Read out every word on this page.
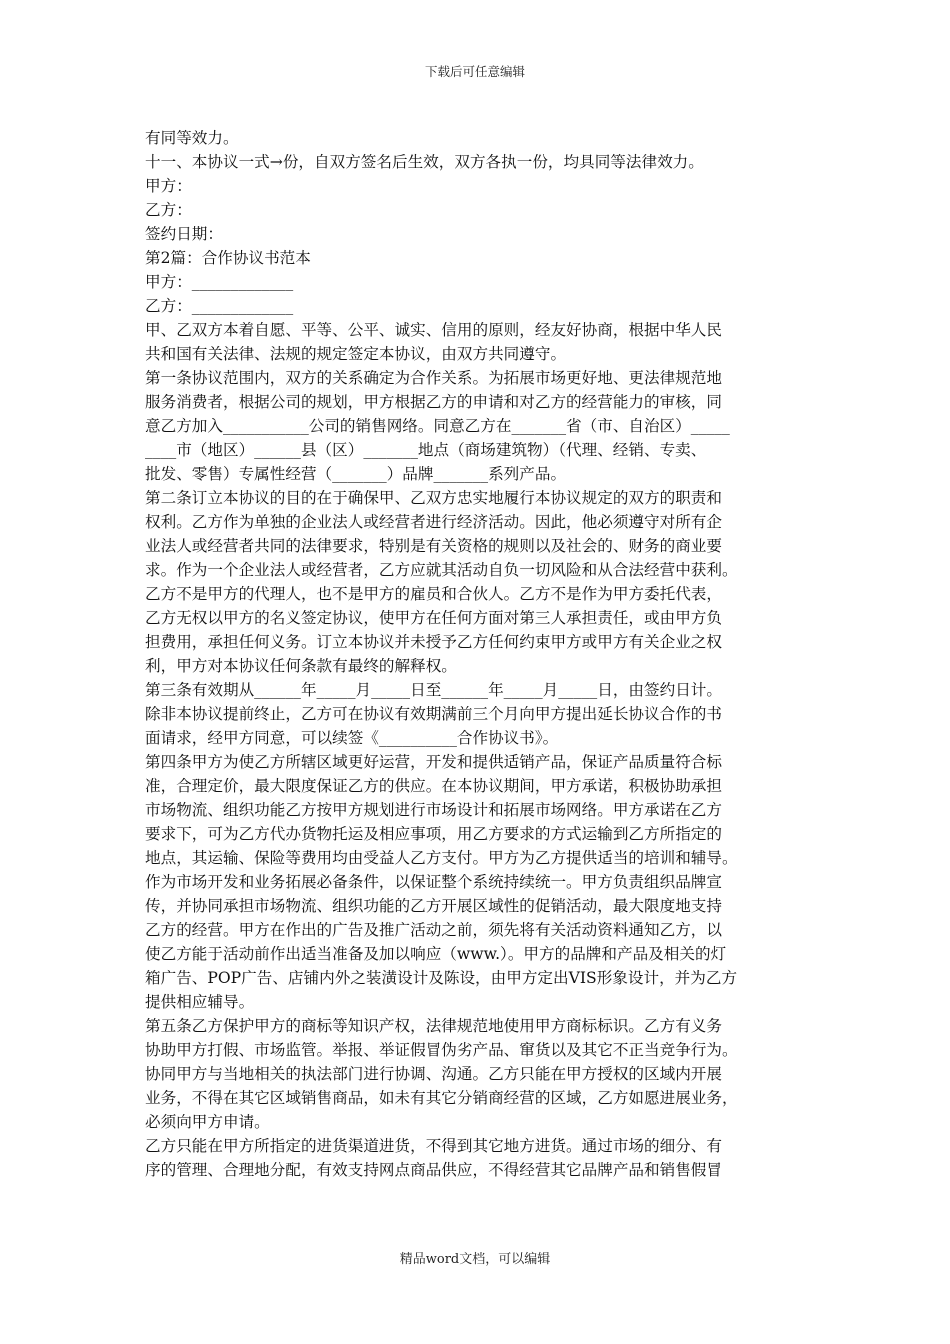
下载后可任意编辑
有同等效力。
十一、本协议一式→份，自双方签名后生效，双方各执一份，均具同等法律效力。
甲方：
乙方：
签约日期：
第2篇：合作协议书范本
甲方：_____________
乙方：_____________
甲、乙双方本着自愿、平等、公平、诚实、信用的原则，经友好协商，根据中华人民
共和国有关法律、法规的规定签定本协议，由双方共同遵守。
第一条协议范围内，双方的关系确定为合作关系。为拓展市场更好地、更法律规范地
服务消费者，根据公司的规划，甲方根据乙方的申请和对乙方的经营能力的审核，同
意乙方加入___________公司的销售网络。同意乙方在_______省（市、自治区）_____
____市（地区）______县（区）_______地点（商场建筑物）（代理、经销、专卖、
批发、零售）专属性经营（_______）品牌_______系列产品。
第二条订立本协议的目的在于确保甲、乙双方忠实地履行本协议规定的双方的职责和
权利。乙方作为单独的企业法人或经营者进行经济活动。因此，他必须遵守对所有企
业法人或经营者共同的法律要求，特别是有关资格的规则以及社会的、财务的商业要
求。作为一个企业法人或经营者，乙方应就其活动自负一切风险和从合法经营中获利。
乙方不是甲方的代理人，也不是甲方的雇员和合伙人。乙方不是作为甲方委托代表，
乙方无权以甲方的名义签定协议，使甲方在任何方面对第三人承担责任，或由甲方负
担费用，承担任何义务。订立本协议并未授予乙方任何约束甲方或甲方有关企业之权
利，甲方对本协议任何条款有最终的解释权。
第三条有效期从______年_____月_____日至______年_____月_____日，由签约日计。
除非本协议提前终止，乙方可在协议有效期满前三个月向甲方提出延长协议合作的书
面请求，经甲方同意，可以续签《__________合作协议书》。
第四条甲方为使乙方所辖区域更好运营，开发和提供适销产品，保证产品质量符合标
准，合理定价，最大限度保证乙方的供应。在本协议期间，甲方承诺，积极协助承担
市场物流、组织功能乙方按甲方规划进行市场设计和拓展市场网络。甲方承诺在乙方
要求下，可为乙方代办货物托运及相应事项，用乙方要求的方式运输到乙方所指定的
地点，其运输、保险等费用均由受益人乙方支付。甲方为乙方提供适当的培训和辅导。
作为市场开发和业务拓展必备条件，以保证整个系统持续统一。甲方负责组织品牌宣
传，并协同承担市场物流、组织功能的乙方开展区域性的促销活动，最大限度地支持
乙方的经营。甲方在作出的广告及推广活动之前，须先将有关活动资料通知乙方，以
使乙方能于活动前作出适当准备及加以响应（www.）。甲方的品牌和产品及相关的灯
箱广告、POP广告、店铺内外之装潢设计及陈设，由甲方定出VIS形象设计，并为乙方
提供相应辅导。
第五条乙方保护甲方的商标等知识产权，法律规范地使用甲方商标标识。乙方有义务
协助甲方打假、市场监管。举报、举证假冒伪劣产品、窜货以及其它不正当竞争行为。
协同甲方与当地相关的执法部门进行协调、沟通。乙方只能在甲方授权的区域内开展
业务，不得在其它区域销售商品，如未有其它分销商经营的区域，乙方如愿进展业务，
必须向甲方申请。
乙方只能在甲方所指定的进货渠道进货，不得到其它地方进货。通过市场的细分、有
序的管理、合理地分配，有效支持网点商品供应，不得经营其它品牌产品和销售假冒
精品word文档，可以编辑
